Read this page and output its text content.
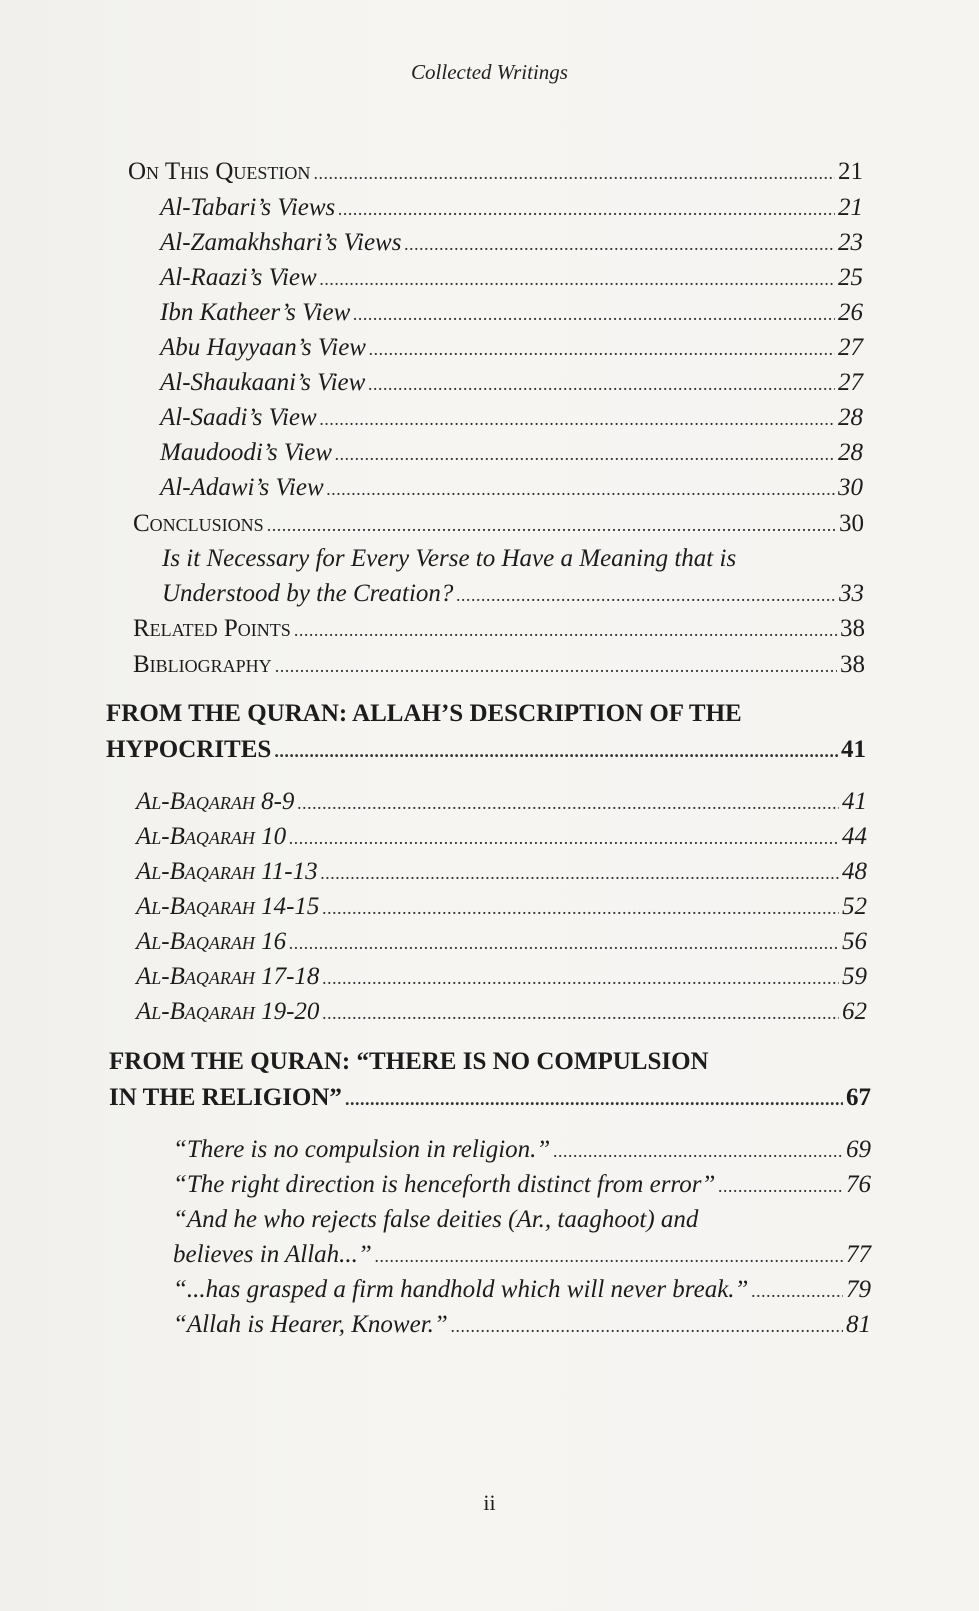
Collected Writings
On This Question . . .	21
Al-Tabari’s Views . . .	21
Al-Zamakhshari’s Views . . .	23
Al-Raazi’s View . . .	25
Ibn Katheer’s View . . .	26
Abu Hayyaan’s View . . .	27
Al-Shaukaani’s View . . .	27
Al-Saadi’s View . . .	28
Maudoodi’s View . . .	28
Al-Adawi’s View . . .	30
Conclusions . . .	30
Is it Necessary for Every Verse to Have a Meaning that is
Understood by the Creation? . . .	33
Related Points . . .	38
Bibliography . . .	38
FROM THE QURAN: ALLAH’S DESCRIPTION OF THE
HYPOCRITES . . .	41
Al-Baqarah 8-9 . . .	41
Al-Baqarah 10 . . .	44
Al-Baqarah 11-13 . . .	48
Al-Baqarah 14-15 . . .	52
Al-Baqarah 16 . . .	56
Al-Baqarah 17-18 . . .	59
Al-Baqarah 19-20 . . .	62
FROM THE QURAN: “THERE IS NO COMPULSION
IN THE RELIGION” . . .	67
“There is no compulsion in religion.” . . .	69
“The right direction is henceforth distinct from error” . . .	76
“And he who rejects false deities (Ar., taaghoot) and
believes in Allah...” . . .	77
“...has grasped a firm handhold which will never break.” . . .	79
“Allah is Hearer, Knower.” . . .	81
ii
